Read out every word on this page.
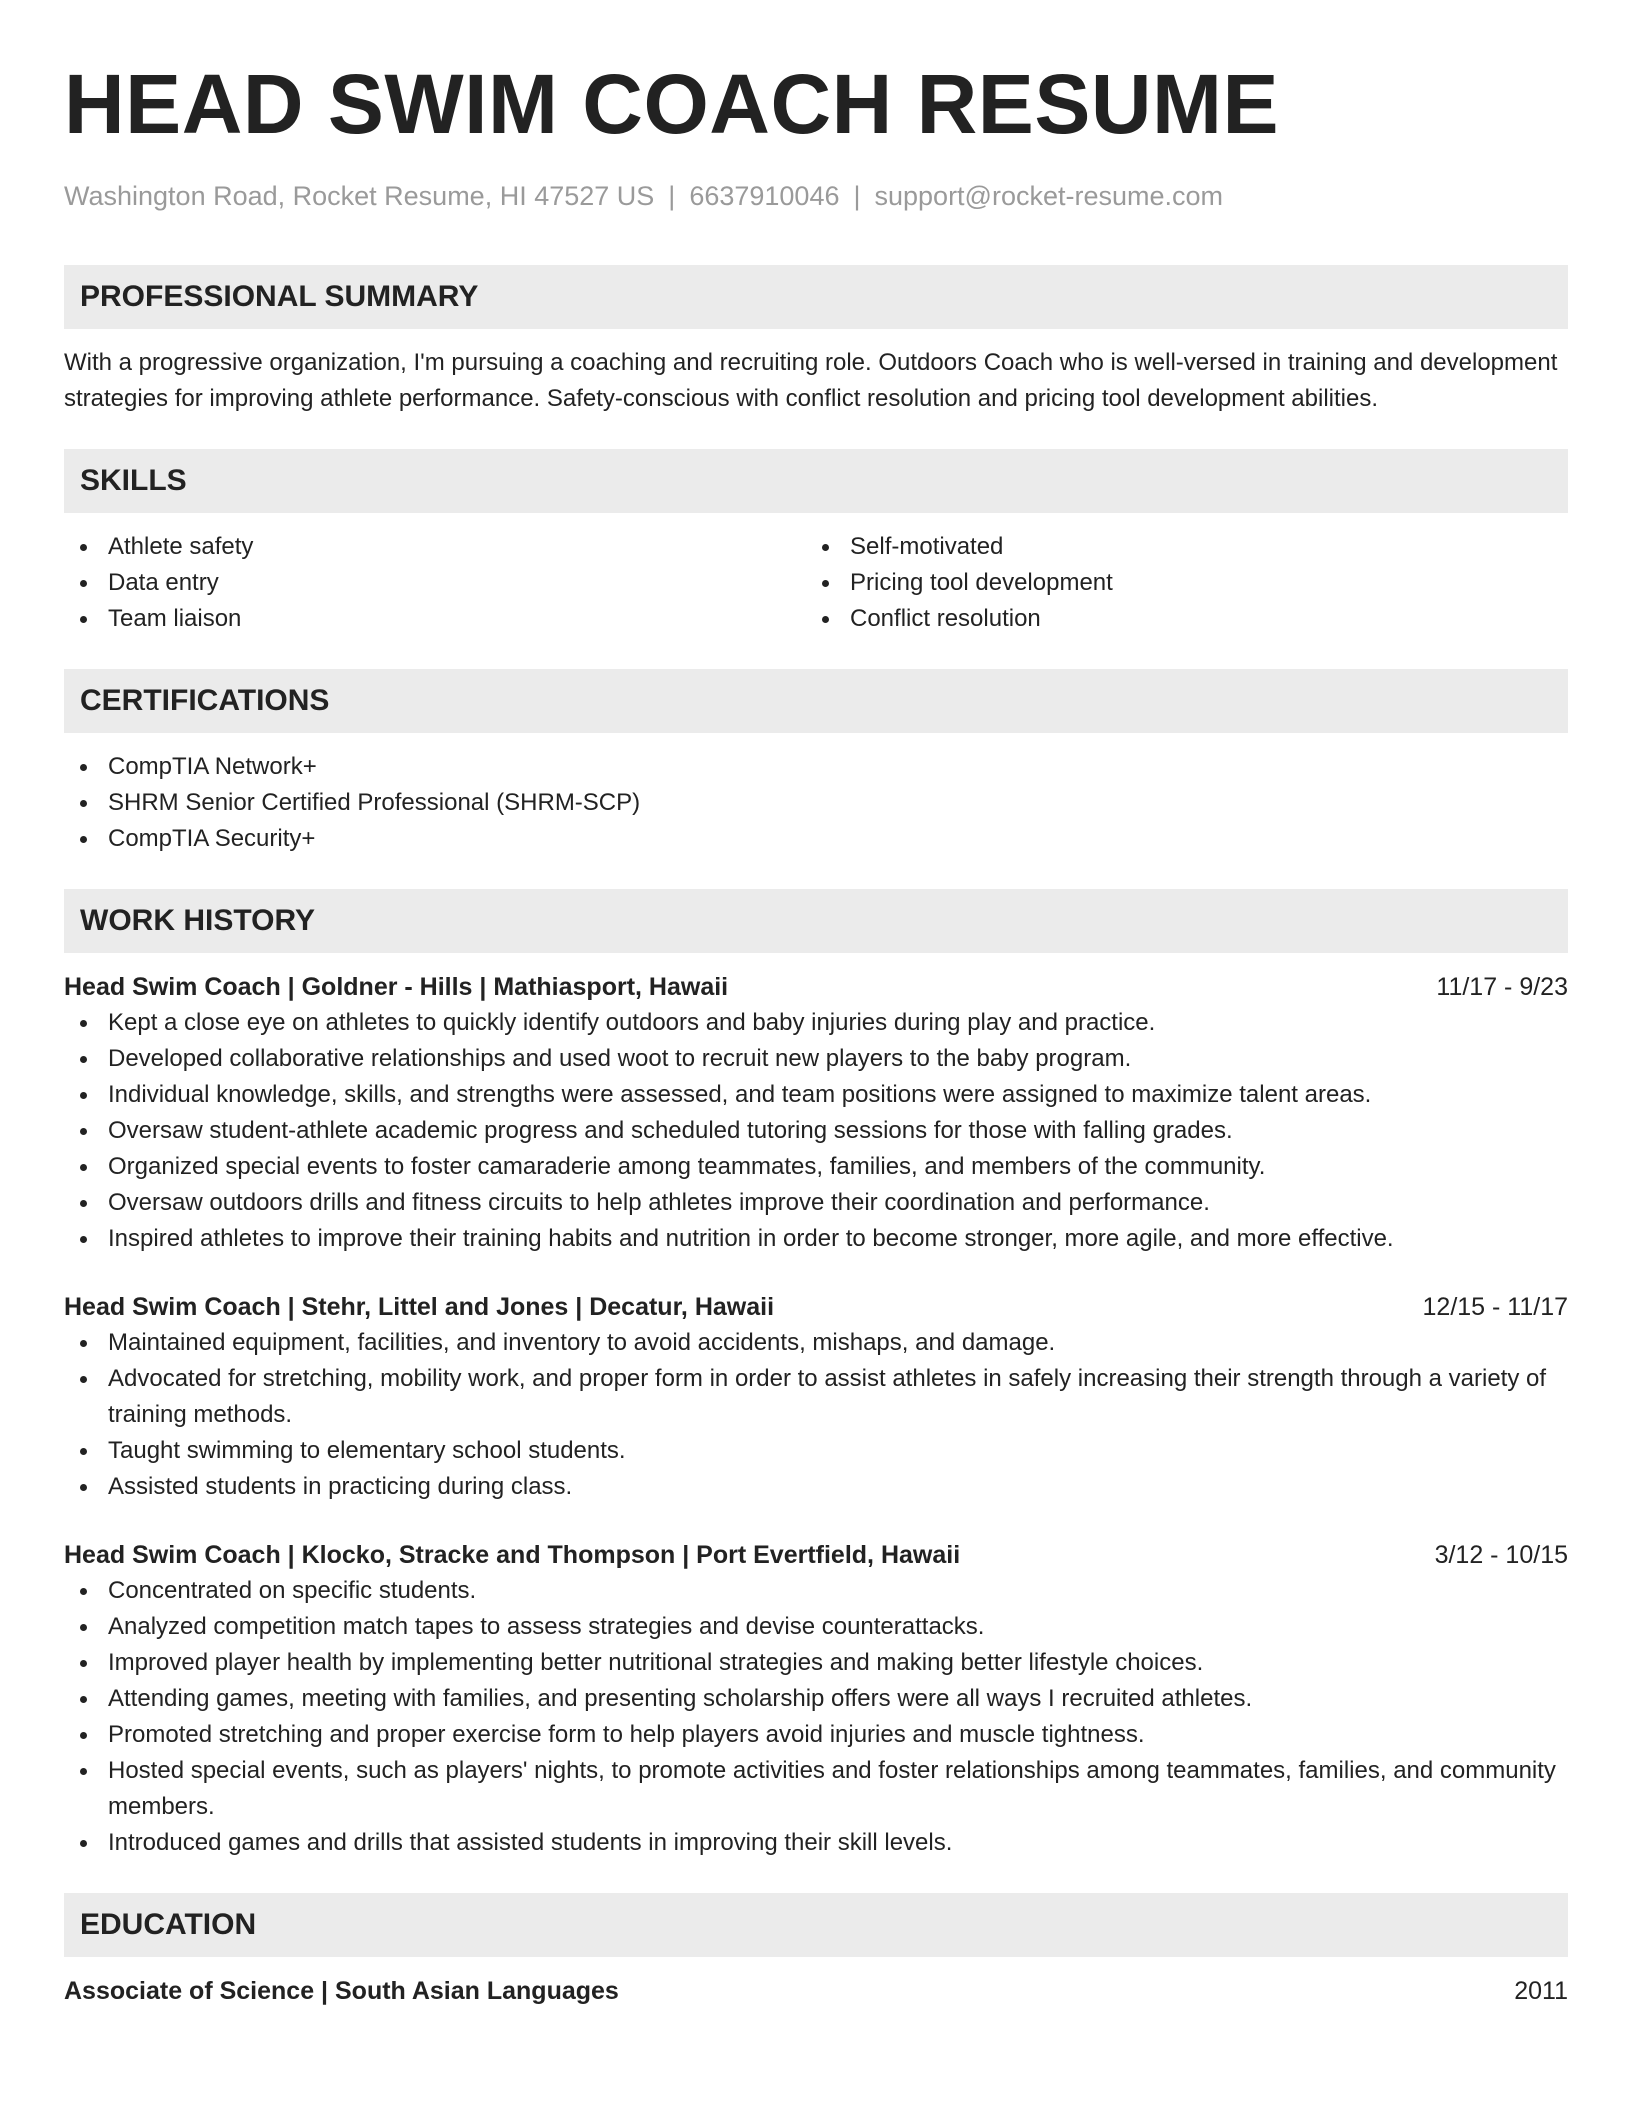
HEAD SWIM COACH RESUME
Washington Road, Rocket Resume, HI 47527 US | 6637910046 | support@rocket-resume.com
PROFESSIONAL SUMMARY
With a progressive organization, I'm pursuing a coaching and recruiting role. Outdoors Coach who is well-versed in training and development strategies for improving athlete performance. Safety-conscious with conflict resolution and pricing tool development abilities.
SKILLS
Athlete safety
Data entry
Team liaison
Self-motivated
Pricing tool development
Conflict resolution
CERTIFICATIONS
CompTIA Network+
SHRM Senior Certified Professional (SHRM-SCP)
CompTIA Security+
WORK HISTORY
Head Swim Coach | Goldner - Hills | Mathiasport, Hawaii	11/17 - 9/23
Kept a close eye on athletes to quickly identify outdoors and baby injuries during play and practice.
Developed collaborative relationships and used woot to recruit new players to the baby program.
Individual knowledge, skills, and strengths were assessed, and team positions were assigned to maximize talent areas.
Oversaw student-athlete academic progress and scheduled tutoring sessions for those with falling grades.
Organized special events to foster camaraderie among teammates, families, and members of the community.
Oversaw outdoors drills and fitness circuits to help athletes improve their coordination and performance.
Inspired athletes to improve their training habits and nutrition in order to become stronger, more agile, and more effective.
Head Swim Coach | Stehr, Littel and Jones | Decatur, Hawaii	12/15 - 11/17
Maintained equipment, facilities, and inventory to avoid accidents, mishaps, and damage.
Advocated for stretching, mobility work, and proper form in order to assist athletes in safely increasing their strength through a variety of training methods.
Taught swimming to elementary school students.
Assisted students in practicing during class.
Head Swim Coach | Klocko, Stracke and Thompson | Port Evertfield, Hawaii	3/12 - 10/15
Concentrated on specific students.
Analyzed competition match tapes to assess strategies and devise counterattacks.
Improved player health by implementing better nutritional strategies and making better lifestyle choices.
Attending games, meeting with families, and presenting scholarship offers were all ways I recruited athletes.
Promoted stretching and proper exercise form to help players avoid injuries and muscle tightness.
Hosted special events, such as players' nights, to promote activities and foster relationships among teammates, families, and community members.
Introduced games and drills that assisted students in improving their skill levels.
EDUCATION
Associate of Science | South Asian Languages	2011
